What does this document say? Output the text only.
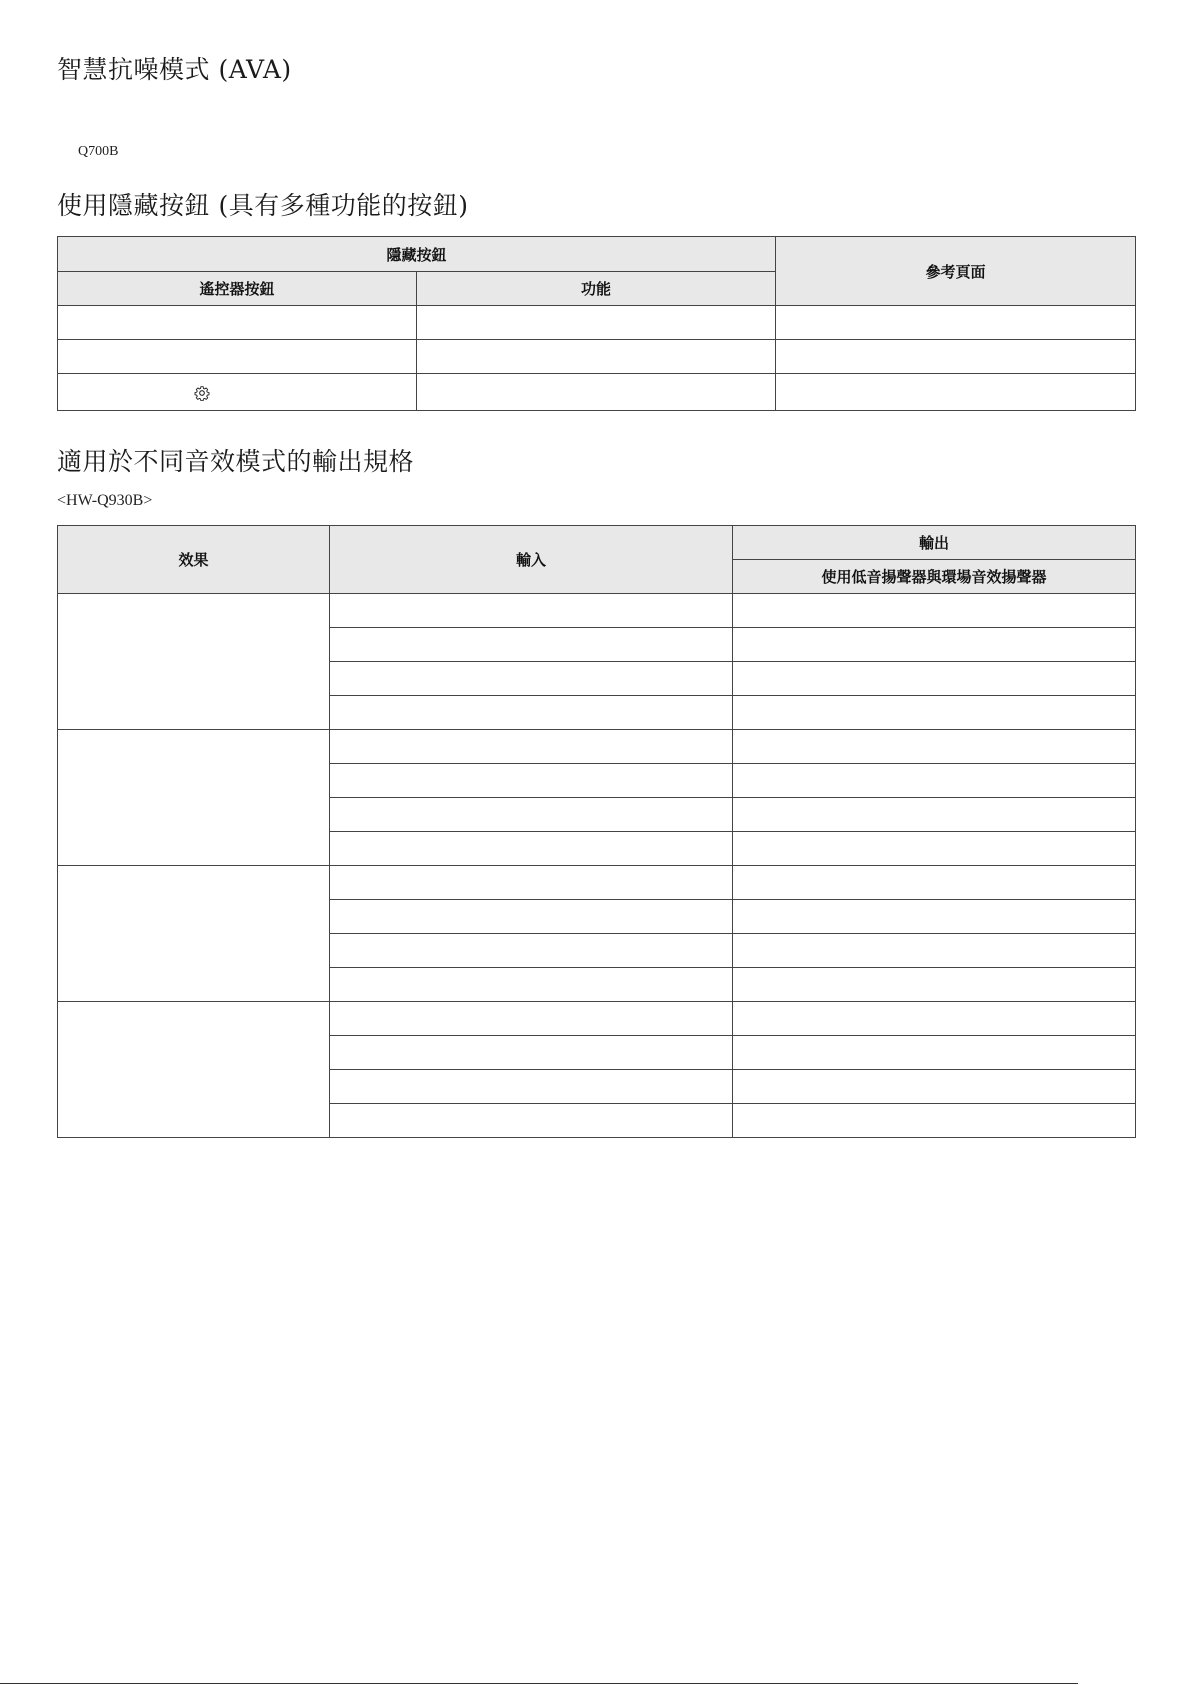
智慧抗噪模式 (AVA)
Q700B
使用隱藏按鈕 (具有多種功能的按鈕)
隱藏按鈕		參考頁面
遙控器按鈕	功能	

適用於不同音效模式的輸出規格
<HW-Q930B>
效果	輸入	輸出
		使用低音揚聲器與環場音效揚聲器
